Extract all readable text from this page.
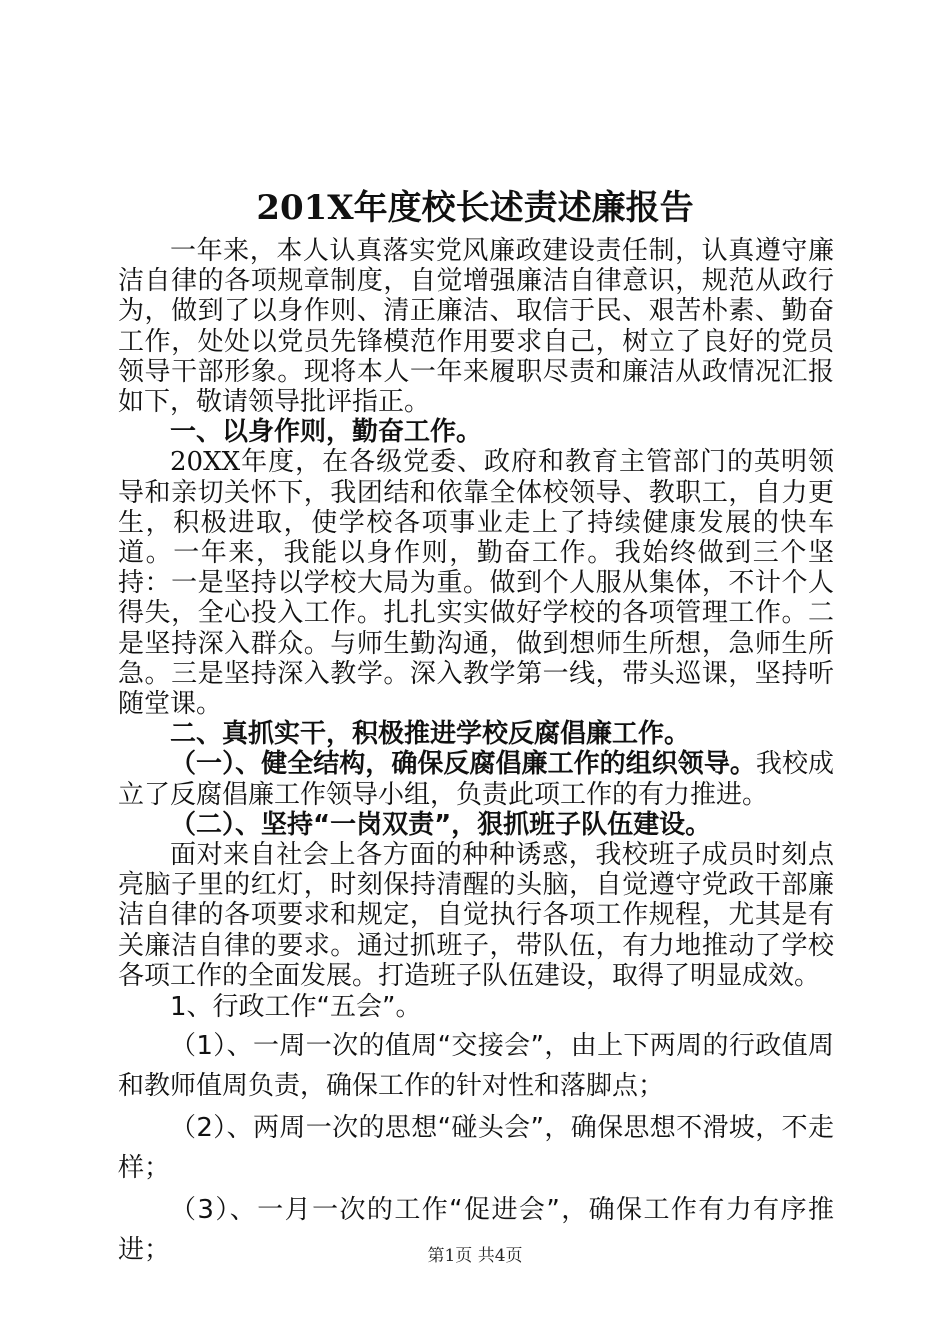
201X年度校长述责述廉报告

一年来，本人认真落实党风廉政建设责任制，认真遵守廉洁自律的各项规章制度，自觉增强廉洁自律意识，规范从政行为，做到了以身作则、清正廉洁、取信于民、艰苦朴素、勤奋工作，处处以党员先锋模范作用要求自己，树立了良好的党员领导干部形象。现将本人一年来履职尽责和廉洁从政情况汇报如下，敬请领导批评指正。

一、以身作则，勤奋工作。

20XX年度，在各级党委、政府和教育主管部门的英明领导和亲切关怀下，我团结和依靠全体校领导、教职工，自力更生，积极进取，使学校各项事业走上了持续健康发展的快车道。一年来，我能以身作则，勤奋工作。我始终做到三个坚持：一是坚持以学校大局为重。做到个人服从集体，不计个人得失，全心投入工作。扎扎实实做好学校的各项管理工作。二是坚持深入群众。与师生勤沟通，做到想师生所想，急师生所急。三是坚持深入教学。深入教学第一线，带头巡课，坚持听随堂课。

二、真抓实干，积极推进学校反腐倡廉工作。

（一）、健全结构，确保反腐倡廉工作的组织领导。我校成立了反腐倡廉工作领导小组，负责此项工作的有力推进。

（二）、坚持“一岗双责”，狠抓班子队伍建设。

面对来自社会上各方面的种种诱惑，我校班子成员时刻点亮脑子里的红灯，时刻保持清醒的头脑，自觉遵守党政干部廉洁自律的各项要求和规定，自觉执行各项工作规程，尤其是有关廉洁自律的要求。通过抓班子，带队伍，有力地推动了学校各项工作的全面发展。打造班子队伍建设，取得了明显成效。

1、行政工作“五会”。

（1）、一周一次的值周“交接会”，由上下两周的行政值周和教师值周负责，确保工作的针对性和落脚点；

（2）、两周一次的思想“碰头会”，确保思想不滑坡，不走样；

（3）、一月一次的工作“促进会”，确保工作有力有序推进；	第1页 共4页
